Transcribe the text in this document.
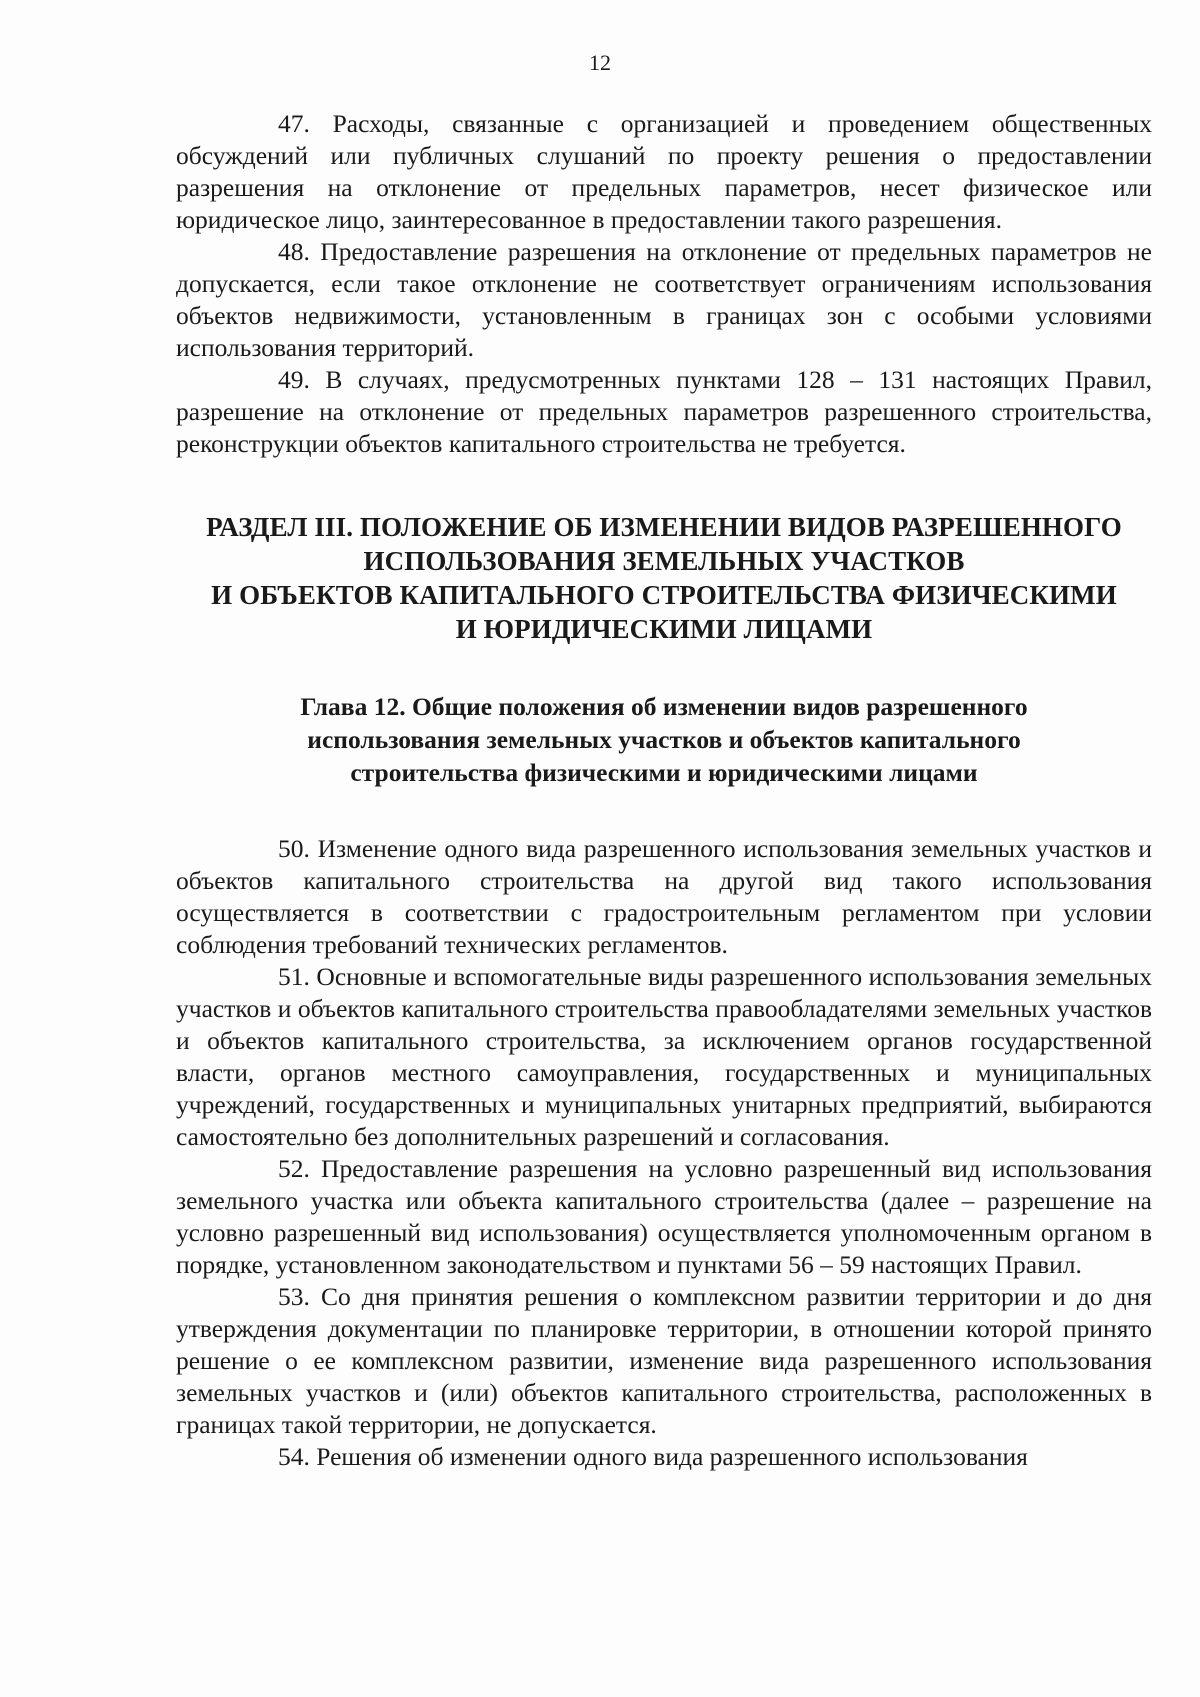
12

47. Расходы, связанные с организацией и проведением общественных обсуждений или публичных слушаний по проекту решения о предоставлении разрешения на отклонение от предельных параметров, несет физическое или юридическое лицо, заинтересованное в предоставлении такого разрешения.

48. Предоставление разрешения на отклонение от предельных параметров не допускается, если такое отклонение не соответствует ограничениям использования объектов недвижимости, установленным в границах зон с особыми условиями использования территорий.

49. В случаях, предусмотренных пунктами 128 – 131 настоящих Правил, разрешение на отклонение от предельных параметров разрешенного строительства, реконструкции объектов капитального строительства не требуется.

РАЗДЕЛ III. ПОЛОЖЕНИЕ ОБ ИЗМЕНЕНИИ ВИДОВ РАЗРЕШЕННОГО
ИСПОЛЬЗОВАНИЯ ЗЕМЕЛЬНЫХ УЧАСТКОВ
И ОБЪЕКТОВ КАПИТАЛЬНОГО СТРОИТЕЛЬСТВА ФИЗИЧЕСКИМИ
И ЮРИДИЧЕСКИМИ ЛИЦАМИ
Глава 12. Общие положения об изменении видов разрешенного
использования земельных участков и объектов капитального
строительства физическими и юридическими лицами

50. Изменение одного вида разрешенного использования земельных участков и объектов капитального строительства на другой вид такого использования осуществляется в соответствии с градостроительным регламентом при условии соблюдения требований технических регламентов.

51. Основные и вспомогательные виды разрешенного использования земельных участков и объектов капитального строительства правообладателями земельных участков и объектов капитального строительства, за исключением органов государственной власти, органов местного самоуправления, государственных и муниципальных учреждений, государственных и муниципальных унитарных предприятий, выбираются самостоятельно без дополнительных разрешений и согласования.

52. Предоставление разрешения на условно разрешенный вид использования земельного участка или объекта капитального строительства (далее – разрешение на условно разрешенный вид использования) осуществляется уполномоченным органом в порядке, установленном законодательством и пунктами 56 – 59 настоящих Правил.

53. Со дня принятия решения о комплексном развитии территории и до дня утверждения документации по планировке территории, в отношении которой принято решение о ее комплексном развитии, изменение вида разрешенного использования земельных участков и (или) объектов капитального строительства, расположенных в границах такой территории, не допускается.

54. Решения об изменении одного вида разрешенного использования
